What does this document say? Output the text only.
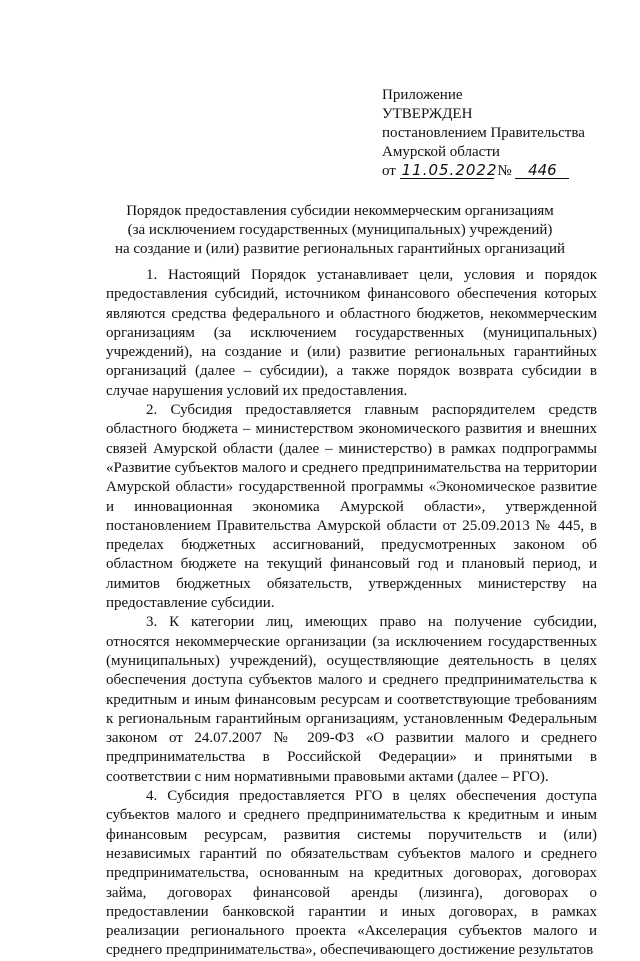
Приложение
УТВЕРЖДЕН
постановлением Правительства
Амурской области
от 11.05.2022 № 446
Порядок предоставления субсидии некоммерческим организациям
(за исключением государственных (муниципальных) учреждений)
на создание и (или) развитие региональных гарантийных организаций

1. Настоящий Порядок устанавливает цели, условия и порядок предоставления субсидий, источником финансового обеспечения которых являются средства федерального и областного бюджетов, некоммерческим организациям (за исключением государственных (муниципальных) учреждений), на создание и (или) развитие региональных гарантийных организаций (далее – субсидии), а также порядок возврата субсидии в случае нарушения условий их предоставления.

2. Субсидия предоставляется главным распорядителем средств областного бюджета – министерством экономического развития и внешних связей Амурской области (далее – министерство) в рамках подпрограммы «Развитие субъектов малого и среднего предпринимательства на территории Амурской области» государственной программы «Экономическое развитие и инновационная экономика Амурской области», утвержденной постановлением Правительства Амурской области от 25.09.2013 № 445, в пределах бюджетных ассигнований, предусмотренных законом об областном бюджете на текущий финансовый год и плановый период, и лимитов бюджетных обязательств, утвержденных министерству на предоставление субсидии.

3. К категории лиц, имеющих право на получение субсидии, относятся некоммерческие организации (за исключением государственных (муниципальных) учреждений), осуществляющие деятельность в целях обеспечения доступа субъектов малого и среднего предпринимательства к кредитным и иным финансовым ресурсам и соответствующие требованиям к региональным гарантийным организациям, установленным Федеральным законом от 24.07.2007 № 209-ФЗ «О развитии малого и среднего предпринимательства в Российской Федерации» и принятыми в соответствии с ним нормативными правовыми актами (далее – РГО).

4. Субсидия предоставляется РГО в целях обеспечения доступа субъектов малого и среднего предпринимательства к кредитным и иным финансовым ресурсам, развития системы поручительств и (или) независимых гарантий по обязательствам субъектов малого и среднего предпринимательства, основанным на кредитных договорах, договорах займа, договорах финансовой аренды (лизинга), договорах о предоставлении банковской гарантии и иных договорах, в рамках реализации регионального проекта «Акселерация субъектов малого и среднего предпринимательства», обеспечивающего достижение результатов
